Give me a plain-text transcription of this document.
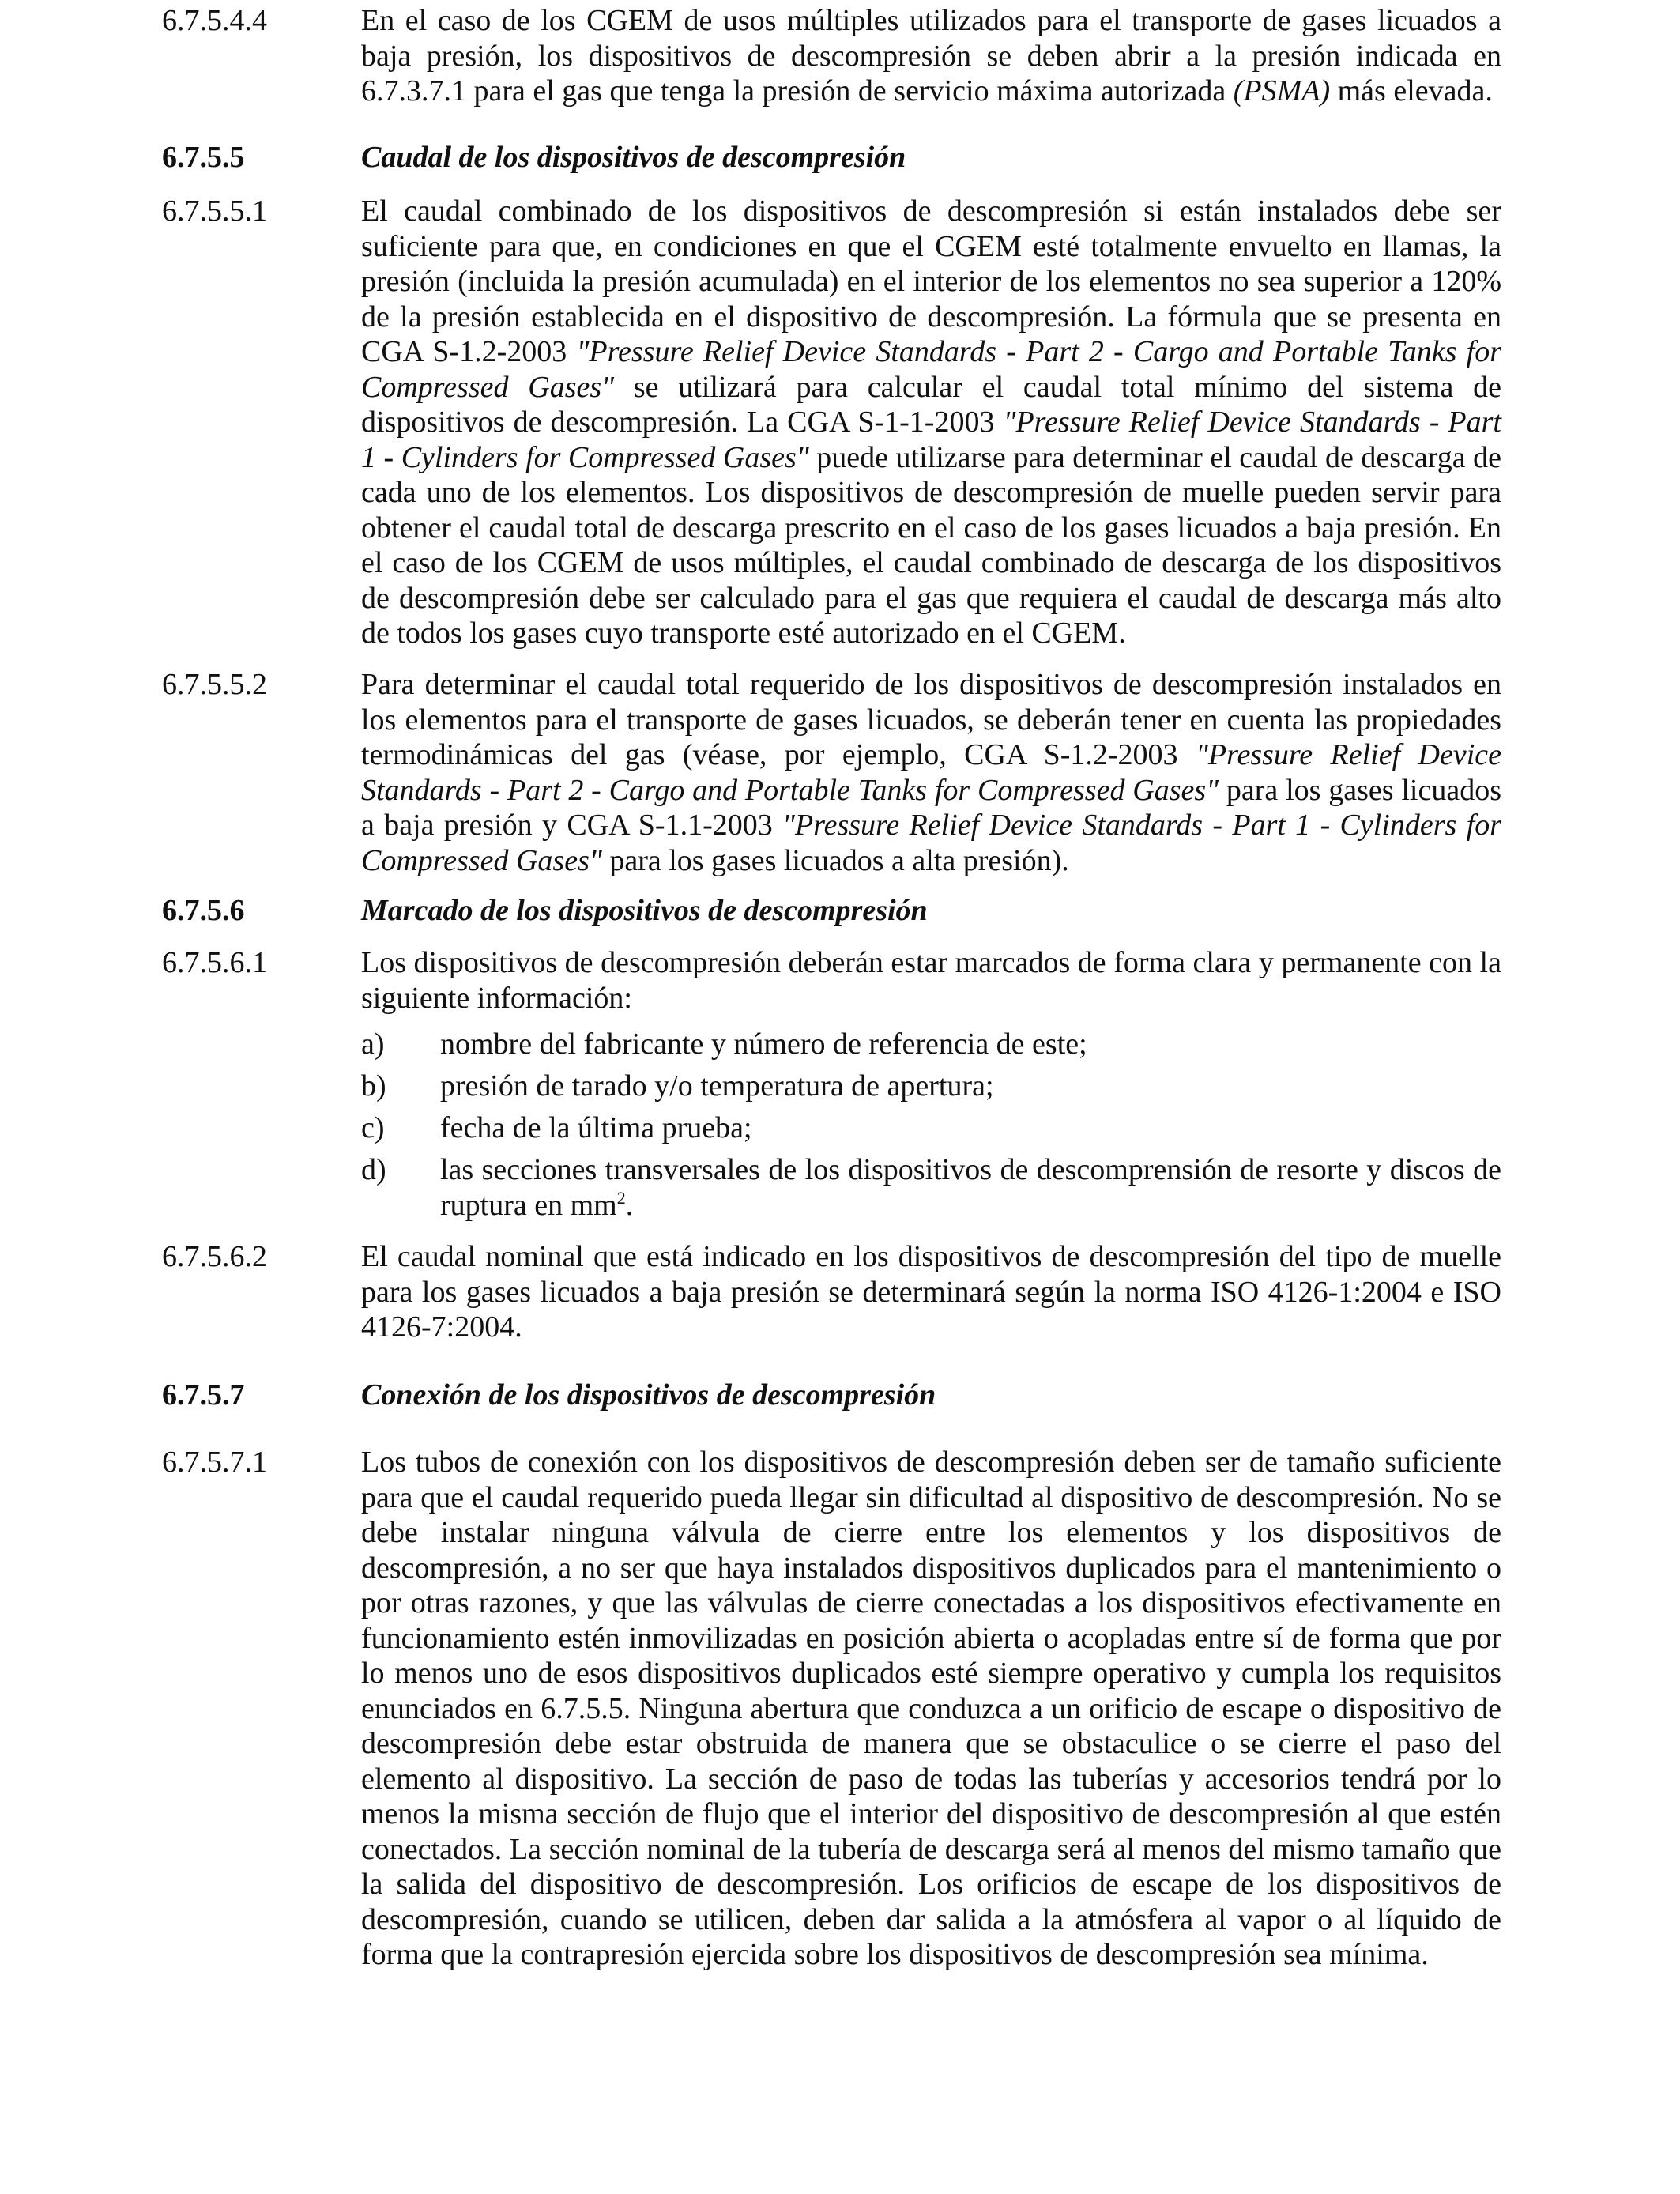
6.7.5.4.4	En el caso de los CGEM de usos múltiples utilizados para el transporte de gases licuados a baja presión, los dispositivos de descompresión se deben abrir a la presión indicada en 6.7.3.7.1 para el gas que tenga la presión de servicio máxima autorizada (PSMA) más elevada.
6.7.5.5	Caudal de los dispositivos de descompresión
6.7.5.5.1	El caudal combinado de los dispositivos de descompresión si están instalados debe ser suficiente para que, en condiciones en que el CGEM esté totalmente envuelto en llamas, la presión (incluida la presión acumulada) en el interior de los elementos no sea superior a 120% de la presión establecida en el dispositivo de descompresión. La fórmula que se presenta en CGA S-1.2-2003 "Pressure Relief Device Standards - Part 2 - Cargo and Portable Tanks for Compressed Gases" se utilizará para calcular el caudal total mínimo del sistema de dispositivos de descompresión. La CGA S-1-1-2003 "Pressure Relief Device Standards - Part 1 - Cylinders for Compressed Gases" puede utilizarse para determinar el caudal de descarga de cada uno de los elementos. Los dispositivos de descompresión de muelle pueden servir para obtener el caudal total de descarga prescrito en el caso de los gases licuados a baja presión. En el caso de los CGEM de usos múltiples, el caudal combinado de descarga de los dispositivos de descompresión debe ser calculado para el gas que requiera el caudal de descarga más alto de todos los gases cuyo transporte esté autorizado en el CGEM.
6.7.5.5.2	Para determinar el caudal total requerido de los dispositivos de descompresión instalados en los elementos para el transporte de gases licuados, se deberán tener en cuenta las propiedades termodinámicas del gas (véase, por ejemplo, CGA S-1.2-2003 "Pressure Relief Device Standards - Part 2 - Cargo and Portable Tanks for Compressed Gases" para los gases licuados a baja presión y CGA S-1.1-2003 "Pressure Relief Device Standards - Part 1 - Cylinders for Compressed Gases" para los gases licuados a alta presión).
6.7.5.6	Marcado de los dispositivos de descompresión
6.7.5.6.1	Los dispositivos de descompresión deberán estar marcados de forma clara y permanente con la siguiente información:
a) nombre del fabricante y número de referencia de este;
b) presión de tarado y/o temperatura de apertura;
c) fecha de la última prueba;
d) las secciones transversales de los dispositivos de descomprensión de resorte y discos de ruptura en $mm^2$.
6.7.5.6.2	El caudal nominal que está indicado en los dispositivos de descompresión del tipo de muelle para los gases licuados a baja presión se determinará según la norma ISO 4126-1:2004 e ISO 4126-7:2004.
6.7.5.7	Conexión de los dispositivos de descompresión
6.7.5.7.1	Los tubos de conexión con los dispositivos de descompresión deben ser de tamaño suficiente para que el caudal requerido pueda llegar sin dificultad al dispositivo de descompresión. No se debe instalar ninguna válvula de cierre entre los elementos y los dispositivos de descompresión, a no ser que haya instalados dispositivos duplicados para el mantenimiento o por otras razones, y que las válvulas de cierre conectadas a los dispositivos efectivamente en funcionamiento estén inmovilizadas en posición abierta o acopladas entre sí de forma que por lo menos uno de esos dispositivos duplicados esté siempre operativo y cumpla los requisitos enunciados en 6.7.5.5. Ninguna abertura que conduzca a un orificio de escape o dispositivo de descompresión debe estar obstruida de manera que se obstaculice o se cierre el paso del elemento al dispositivo. La sección de paso de todas las tuberías y accesorios tendrá por lo menos la misma sección de flujo que el interior del dispositivo de descompresión al que estén conectados. La sección nominal de la tubería de descarga será al menos del mismo tamaño que la salida del dispositivo de descompresión. Los orificios de escape de los dispositivos de descompresión, cuando se utilicen, deben dar salida a la atmósfera al vapor o al líquido de forma que la contrapresión ejercida sobre los dispositivos de descompresión sea mínima.
